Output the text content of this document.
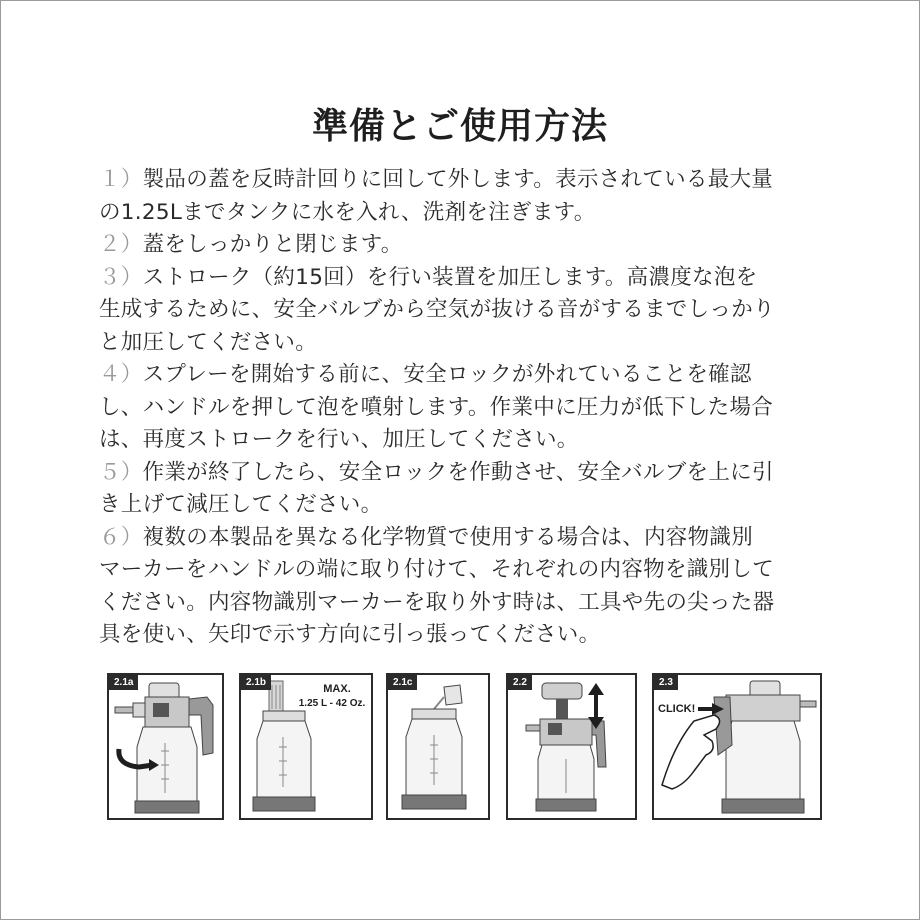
準備とご使用方法
１）製品の蓋を反時計回りに回して外します。表示されている最大量
の1.25Lまでタンクに水を入れ、洗剤を注ぎます。
２）蓋をしっかりと閉じます。
３）ストローク（約15回）を行い装置を加圧します。高濃度な泡を
生成するために、安全バルブから空気が抜ける音がするまでしっかり
と加圧してください。
４）スプレーを開始する前に、安全ロックが外れていることを確認
し、ハンドルを押して泡を噴射します。作業中に圧力が低下した場合
は、再度ストロークを行い、加圧してください。
５）作業が終了したら、安全ロックを作動させ、安全バルブを上に引
き上げて減圧してください。
６）複数の本製品を異なる化学物質で使用する場合は、内容物識別
マーカーをハンドルの端に取り付けて、それぞれの内容物を識別して
ください。内容物識別マーカーを取り外す時は、工具や先の尖った器
具を使い、矢印で示す方向に引っ張ってください。
2.1a	2.1b
MAX.
1.25 L - 42 Oz.
2.1c	2.2	2.3
CLICK!
